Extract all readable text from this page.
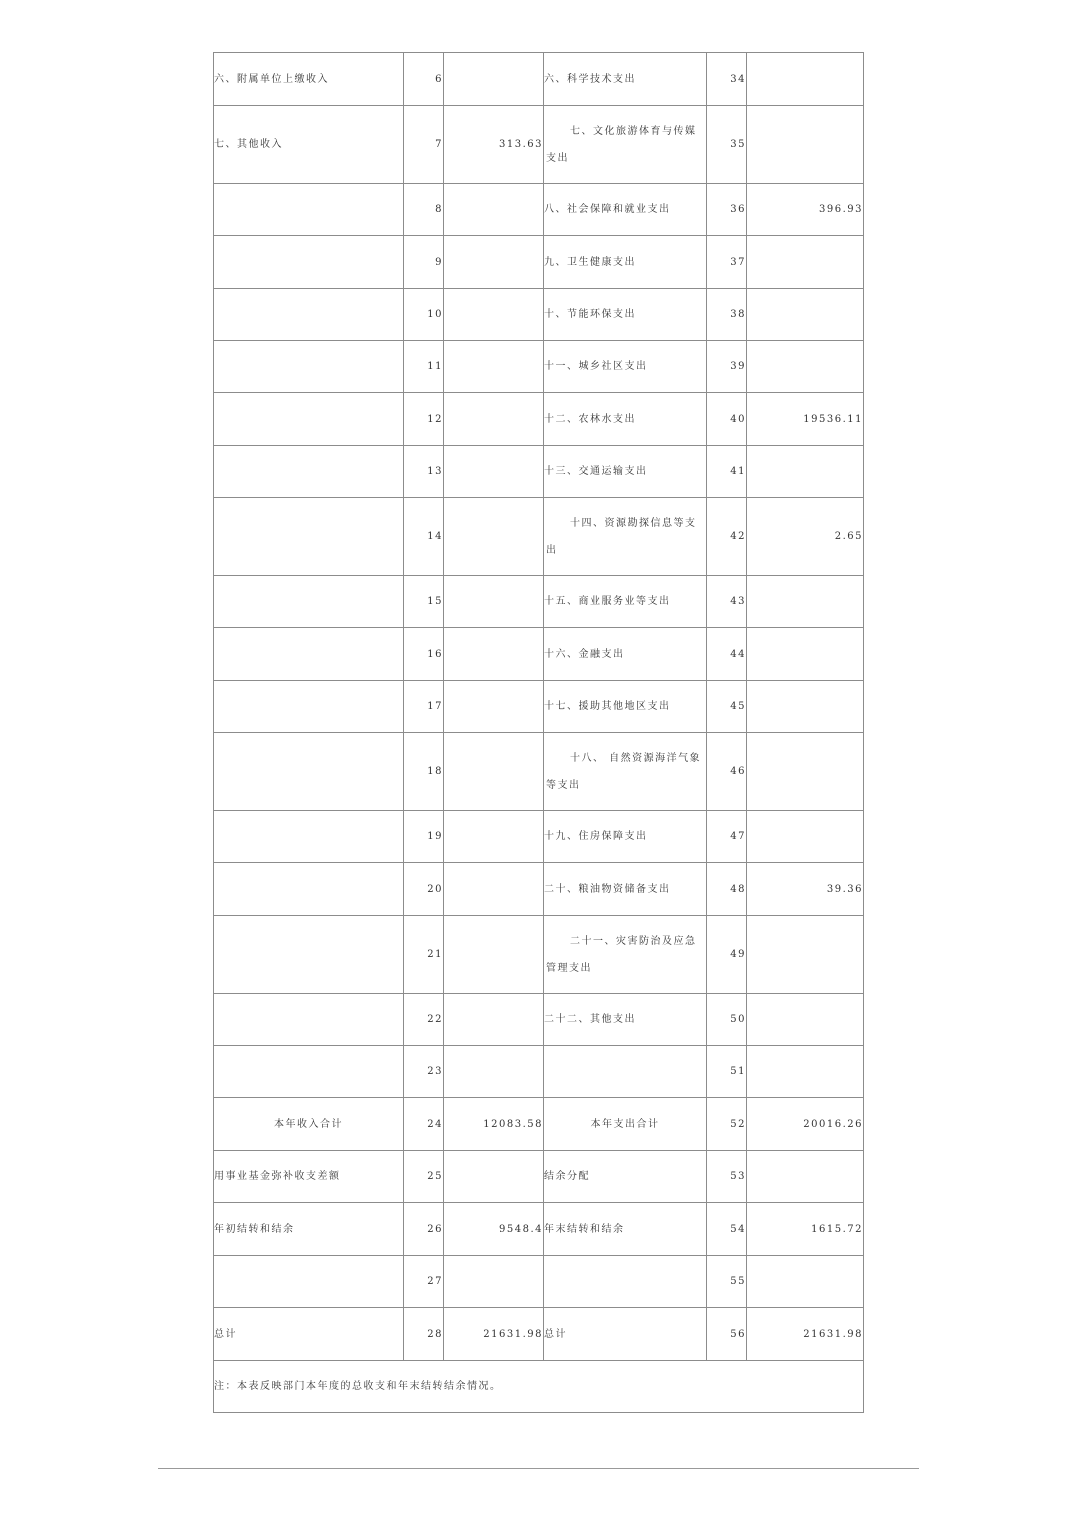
六、附属单位上缴收入	6		六、科学技术支出	34	
七、其他收入	7	313.63	七、文化旅游体育与传媒支出	35	
	8		八、社会保障和就业支出	36	396.93
	9		九、卫生健康支出	37	
	10		十、节能环保支出	38	
	11		十一、城乡社区支出	39	
	12		十二、农林水支出	40	19536.11
	13		十三、交通运输支出	41	
	14		十四、资源勘探信息等支出	42	2.65
	15		十五、商业服务业等支出	43	
	16		十六、金融支出	44	
	17		十七、援助其他地区支出	45	
	18		十八、 自然资源海洋气象等支出	46	
	19		十九、住房保障支出	47	
	20		二十、粮油物资储备支出	48	39.36
	21		二十一、灾害防治及应急管理支出	49	
	22		二十二、其他支出	50	
	23			51	
本年收入合计	24	12083.58	本年支出合计	52	20016.26
用事业基金弥补收支差额	25		结余分配	53	
年初结转和结余	26	9548.4	年末结转和结余	54	1615.72
	27			55	
总计	28	21631.98	总计	56	21631.98
注：本表反映部门本年度的总收支和年末结转结余情况。					
